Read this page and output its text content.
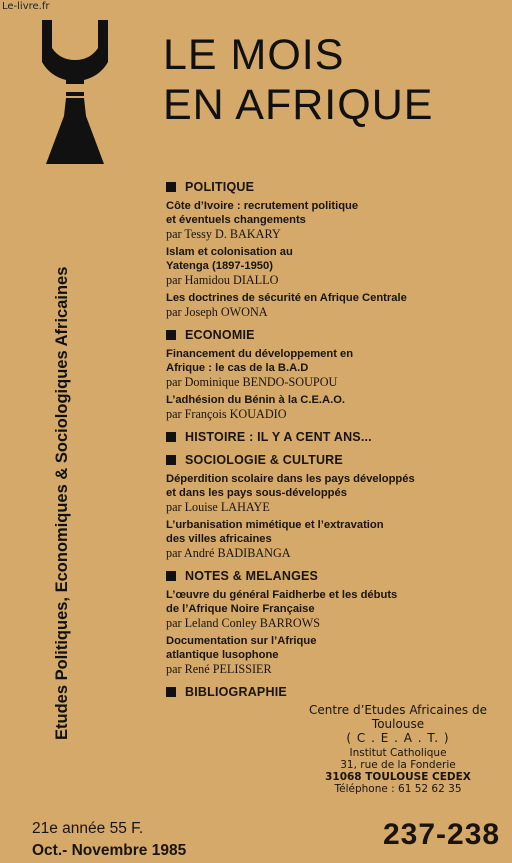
Le-livre.fr
LE MOIS
EN AFRIQUE
Etudes Politiques, Economiques & Sociologiques Africaines
POLITIQUE
Côte d’Ivoire : recrutement politique
et éventuels changements
par Tessy D. BAKARY
Islam et colonisation au
Yatenga (1897-1950)
par Hamidou DIALLO
Les doctrines de sécurité en Afrique Centrale
par Joseph OWONA
ECONOMIE
Financement du développement en
Afrique : le cas de la B.A.D
par Dominique BENDO-SOUPOU
L’adhésion du Bénin à la C.E.A.O.
par François KOUADIO
HISTOIRE : IL Y A CENT ANS...
SOCIOLOGIE & CULTURE
Déperdition scolaire dans les pays développés
et dans les pays sous-développés
par Louise LAHAYE
L’urbanisation mimétique et l’extravation
des villes africaines
par André BADIBANGA
NOTES & MELANGES
L’œuvre du général Faidherbe et les débuts
de l’Afrique Noire Française
par Leland Conley BARROWS
Documentation sur l’Afrique
atlantique lusophone
par René PELISSIER
BIBLIOGRAPHIE
Centre d’Etudes Africaines de Toulouse
( C . E . A . T. )
Institut Catholique
31, rue de la Fonderie
31068 TOULOUSE CEDEX
Téléphone : 61 52 62 35
21e année 55 F.
Oct.- Novembre 1985	237-238
